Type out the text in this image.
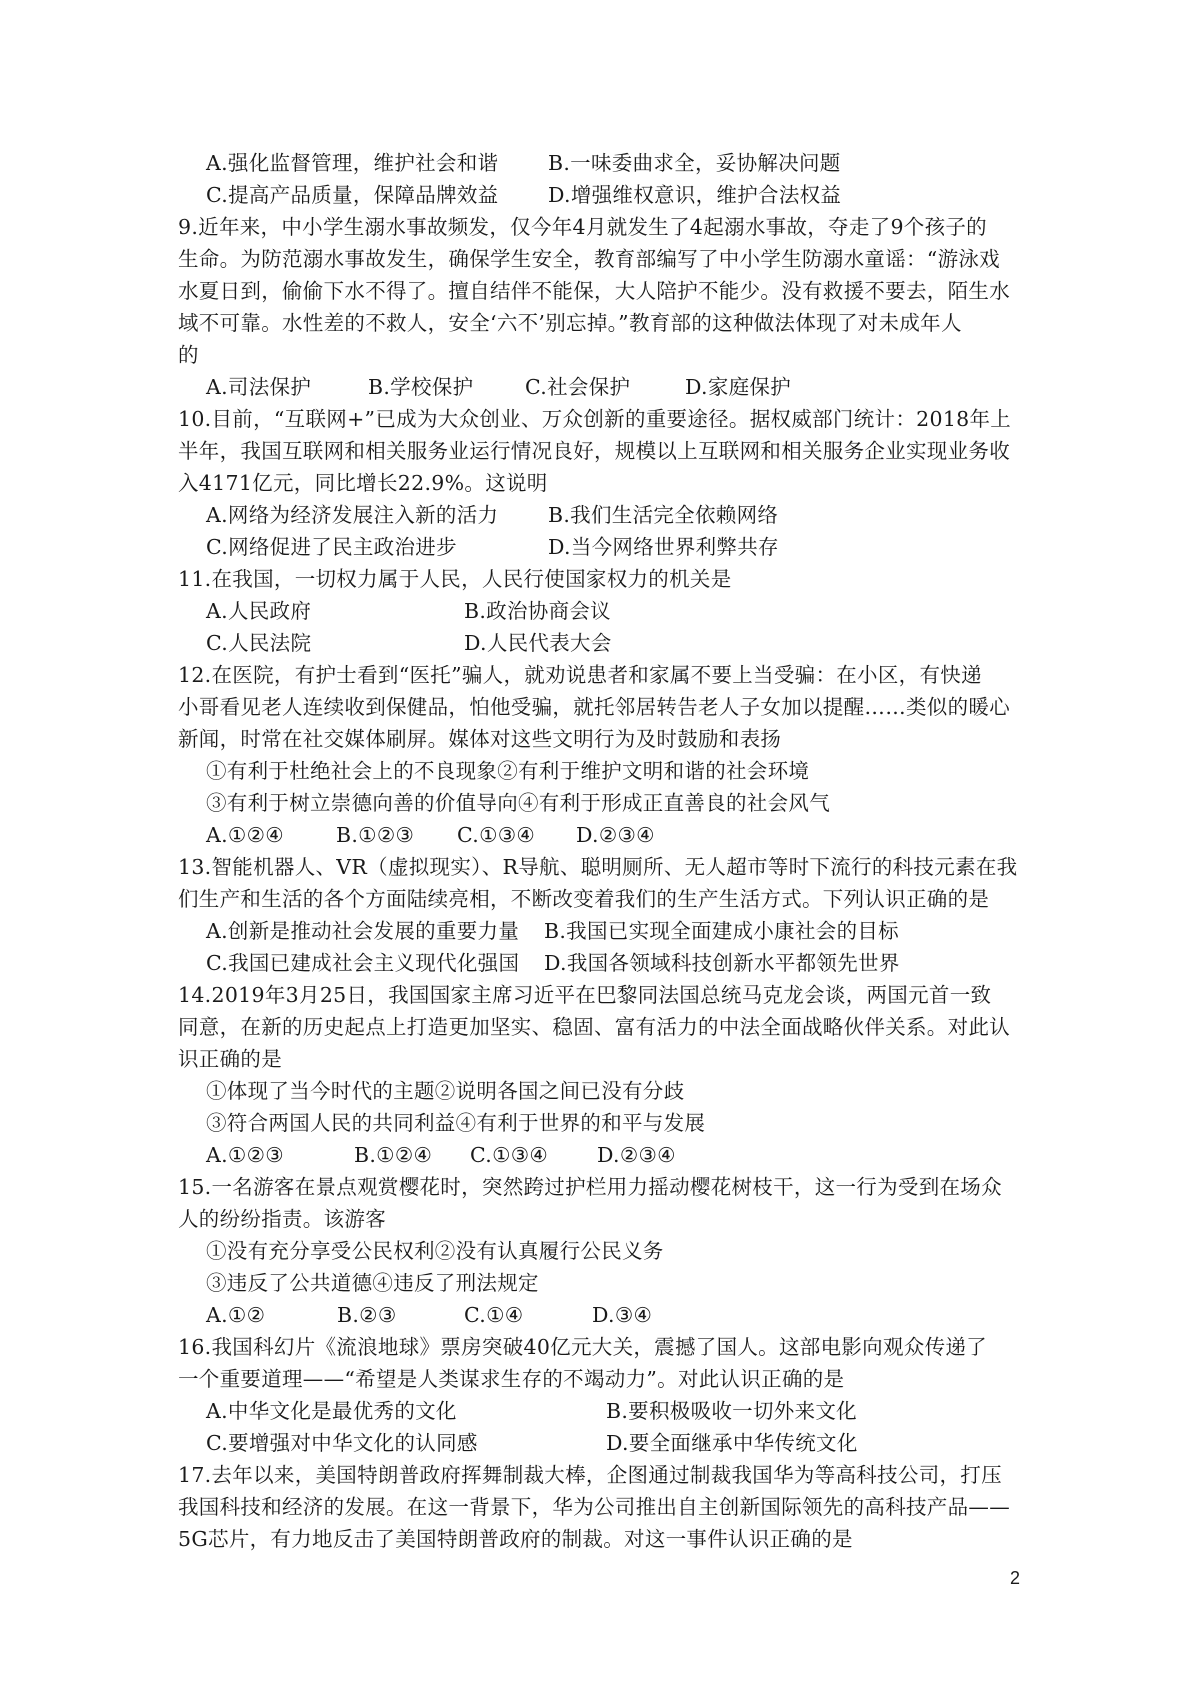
A.强化监督管理，维护社会和谐	B.一味委曲求全，妥协解决问题
C.提高产品质量，保障品牌效益	D.增强维权意识，维护合法权益
9.近年来，中小学生溺水事故频发，仅今年4月就发生了4起溺水事故，夺走了9个孩子的
生命。为防范溺水事故发生，确保学生安全，教育部编写了中小学生防溺水童谣：“游泳戏
水夏日到，偷偷下水不得了。擅自结伴不能保，大人陪护不能少。没有救援不要去，陌生水
域不可靠。水性差的不救人，安全‘六不’别忘掉。”教育部的这种做法体现了对未成年人
的
A.司法保护	B.学校保护	C.社会保护	D.家庭保护
10.目前，“互联网+”已成为大众创业、万众创新的重要途径。据权威部门统计：2018年上
半年，我国互联网和相关服务业运行情况良好，规模以上互联网和相关服务企业实现业务收
入4171亿元，同比增长22.9%。这说明
A.网络为经济发展注入新的活力	B.我们生活完全依赖网络
C.网络促进了民主政治进步	D.当今网络世界利弊共存
11.在我国，一切权力属于人民，人民行使国家权力的机关是
A.人民政府	B.政治协商会议
C.人民法院	D.人民代表大会
12.在医院，有护士看到“医托”骗人，就劝说患者和家属不要上当受骗：在小区，有快递
小哥看见老人连续收到保健品，怕他受骗，就托邻居转告老人子女加以提醒……类似的暖心
新闻，时常在社交媒体刷屏。媒体对这些文明行为及时鼓励和表扬
①有利于杜绝社会上的不良现象②有利于维护文明和谐的社会环境
③有利于树立崇德向善的价值导向④有利于形成正直善良的社会风气
A.①②④	B.①②③	C.①③④	D.②③④
13.智能机器人、VR（虚拟现实）、R导航、聪明厕所、无人超市等时下流行的科技元素在我
们生产和生活的各个方面陆续亮相，不断改变着我们的生产生活方式。下列认识正确的是
A.创新是推动社会发展的重要力量	B.我国已实现全面建成小康社会的目标
C.我国已建成社会主义现代化强国	D.我国各领域科技创新水平都领先世界
14.2019年3月25日，我国国家主席习近平在巴黎同法国总统马克龙会谈，两国元首一致
同意，在新的历史起点上打造更加坚实、稳固、富有活力的中法全面战略伙伴关系。对此认
识正确的是
①体现了当今时代的主题②说明各国之间已没有分歧
③符合两国人民的共同利益④有利于世界的和平与发展
A.①②③	B.①②④	C.①③④	D.②③④
15.一名游客在景点观赏樱花时，突然跨过护栏用力摇动樱花树枝干，这一行为受到在场众
人的纷纷指责。该游客
①没有充分享受公民权利②没有认真履行公民义务
③违反了公共道德④违反了刑法规定
A.①②	B.②③	C.①④	D.③④
16.我国科幻片《流浪地球》票房突破40亿元大关，震撼了国人。这部电影向观众传递了
一个重要道理——“希望是人类谋求生存的不竭动力”。对此认识正确的是
A.中华文化是最优秀的文化	B.要积极吸收一切外来文化
C.要增强对中华文化的认同感	D.要全面继承中华传统文化
17.去年以来，美国特朗普政府挥舞制裁大棒，企图通过制裁我国华为等高科技公司，打压
我国科技和经济的发展。在这一背景下，华为公司推出自主创新国际领先的高科技产品——
5G芯片，有力地反击了美国特朗普政府的制裁。对这一事件认识正确的是
2
